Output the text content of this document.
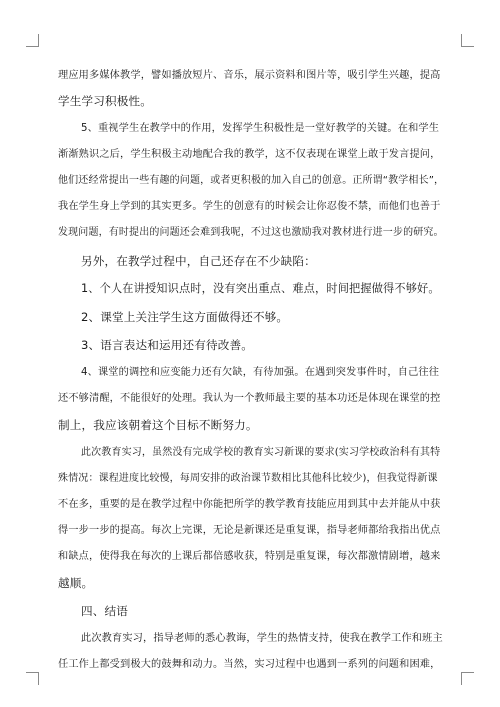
理应用多媒体教学，譬如播放短片、音乐，展示资料和图片等，吸引学生兴趣，提高
学生学习积极性。
5、重视学生在教学中的作用，发挥学生积极性是一堂好教学的关键。在和学生
渐渐熟识之后，学生积极主动地配合我的教学，这不仅表现在课堂上敢于发言提问，
他们还经常提出一些有趣的问题，或者更积极的加入自己的创意。正所谓“教学相长”，
我在学生身上学到的其实更多。学生的创意有的时候会让你忍俊不禁，而他们也善于
发现问题，有时提出的问题还会难到我呢，不过这也激励我对教材进行进一步的研究。
另外，在教学过程中，自己还存在不少缺陷：
1、个人在讲授知识点时，没有突出重点、难点，时间把握做得不够好。
2、课堂上关注学生这方面做得还不够。
3、语言表达和运用还有待改善。
4、课堂的调控和应变能力还有欠缺，有待加强。在遇到突发事件时，自己往往
还不够清醒，不能很好的处理。我认为一个教师最主要的基本功还是体现在课堂的控
制上，我应该朝着这个目标不断努力。
此次教育实习，虽然没有完成学校的教育实习新课的要求(实习学校政治科有其特
殊情况：课程进度比较慢，每周安排的政治课节数相比其他科比较少)，但我觉得新课
不在多，重要的是在教学过程中你能把所学的教学教育技能应用到其中去并能从中获
得一步一步的提高。每次上完课，无论是新课还是重复课，指导老师都给我指出优点
和缺点，使得我在每次的上课后都倍感收获，特别是重复课，每次都激情剧增，越来
越顺。
四、结语
此次教育实习，指导老师的悉心教诲，学生的热情支持，使我在教学工作和班主
任工作上都受到极大的鼓舞和动力。当然，实习过程中也遇到一系列的问题和困难，
